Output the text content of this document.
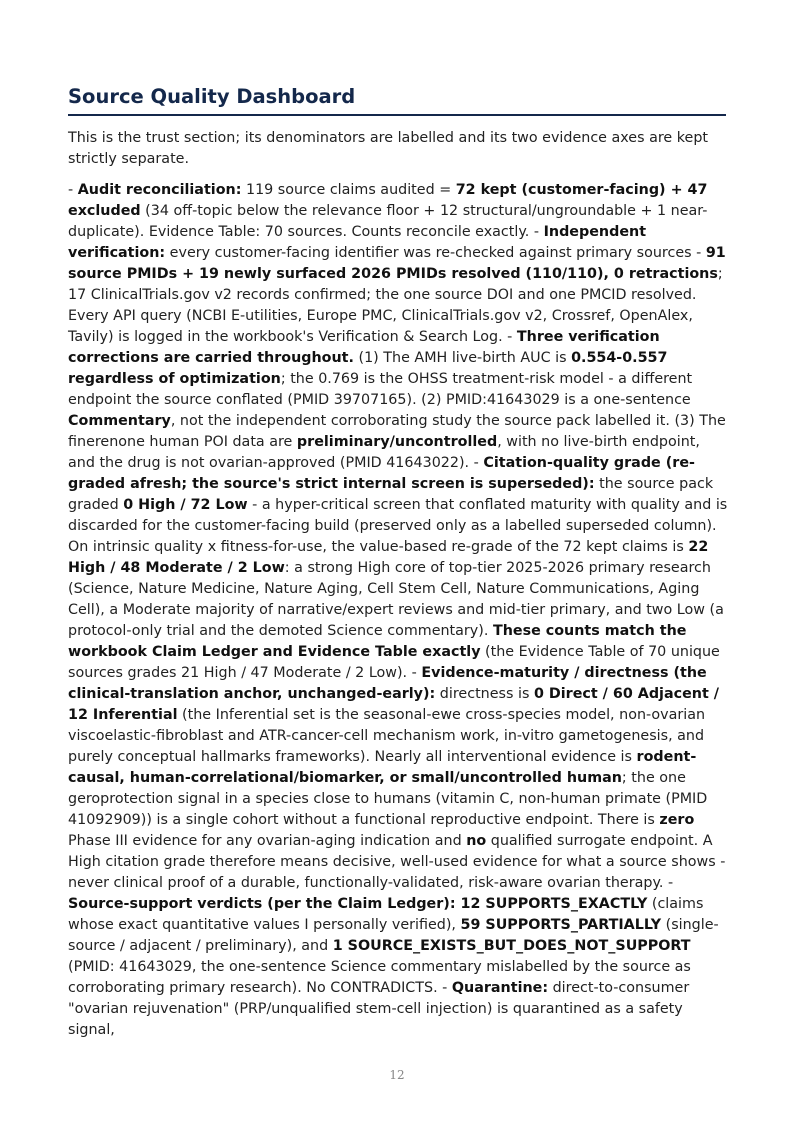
Source Quality Dashboard

This is the trust section; its denominators are labelled and its two evidence axes are kept strictly separate.

- Audit reconciliation: 119 source claims audited = 72 kept (customer-facing) + 47 excluded (34 off-topic below the relevance floor + 12 structural/ungroundable + 1 near-duplicate). Evidence Table: 70 sources. Counts reconcile exactly. - Independent verification: every customer-facing identifier was re-checked against primary sources - 91 source PMIDs + 19 newly surfaced 2026 PMIDs resolved (110/110), 0 retractions; 17 ClinicalTrials.gov v2 records confirmed; the one source DOI and one PMCID resolved. Every API query (NCBI E-utilities, Europe PMC, ClinicalTrials.gov v2, Crossref, OpenAlex, Tavily) is logged in the workbook's Verification & Search Log. - Three verification corrections are carried throughout. (1) The AMH live-birth AUC is 0.554-0.557 regardless of optimization; the 0.769 is the OHSS treatment-risk model - a different endpoint the source conflated (PMID 39707165). (2) PMID:41643029 is a one-sentence Commentary, not the independent corroborating study the source pack labelled it. (3) The finerenone human POI data are preliminary/uncontrolled, with no live-birth endpoint, and the drug is not ovarian-approved (PMID 41643022). - Citation-quality grade (re-graded afresh; the source's strict internal screen is superseded): the source pack graded 0 High / 72 Low - a hyper-critical screen that conflated maturity with quality and is discarded for the customer-facing build (preserved only as a labelled superseded column). On intrinsic quality x fitness-for-use, the value-based re-grade of the 72 kept claims is 22 High / 48 Moderate / 2 Low: a strong High core of top-tier 2025-2026 primary research (Science, Nature Medicine, Nature Aging, Cell Stem Cell, Nature Communications, Aging Cell), a Moderate majority of narrative/expert reviews and mid-tier primary, and two Low (a protocol-only trial and the demoted Science commentary). These counts match the workbook Claim Ledger and Evidence Table exactly (the Evidence Table of 70 unique sources grades 21 High / 47 Moderate / 2 Low). - Evidence-maturity / directness (the clinical-translation anchor, unchanged-early): directness is 0 Direct / 60 Adjacent / 12 Inferential (the Inferential set is the seasonal-ewe cross-species model, non-ovarian viscoelastic-fibroblast and ATR-cancer-cell mechanism work, in-vitro gametogenesis, and purely conceptual hallmarks frameworks). Nearly all interventional evidence is rodent-causal, human-correlational/biomarker, or small/uncontrolled human; the one geroprotection signal in a species close to humans (vitamin C, non-human primate (PMID 41092909)) is a single cohort without a functional reproductive endpoint. There is zero Phase III evidence for any ovarian-aging indication and no qualified surrogate endpoint. A High citation grade therefore means decisive, well-used evidence for what a source shows - never clinical proof of a durable, functionally-validated, risk-aware ovarian therapy. - Source-support verdicts (per the Claim Ledger): 12 SUPPORTS_EXACTLY (claims whose exact quantitative values I personally verified), 59 SUPPORTS_PARTIALLY (single-source / adjacent / preliminary), and 1 SOURCE_EXISTS_BUT_DOES_NOT_SUPPORT (PMID: 41643029, the one-sentence Science commentary mislabelled by the source as corroborating primary research). No CONTRADICTS. - Quarantine: direct-to-consumer "ovarian rejuvenation" (PRP/unqualified stem-cell injection) is quarantined as a safety signal,

12
